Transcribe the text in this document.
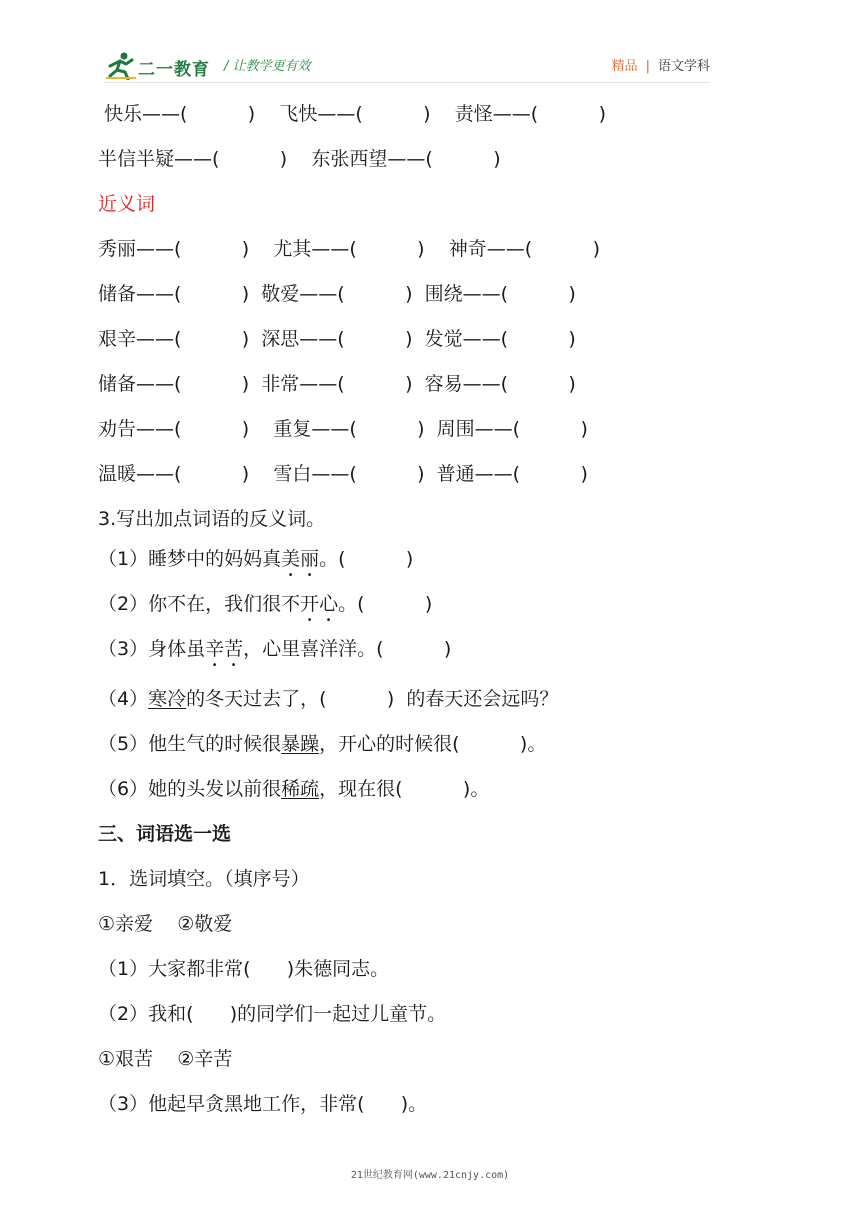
二一教育 / 让教学更有效	精品 | 语文学科
快乐——(          )    飞快——(          )    责怪——(          )
半信半疑——(          )    东张西望——(          )
近义词
秀丽——(          )    尤其——(          )    神奇——(          )
储备——(          )  敬爱——(          )  围绕——(          )
艰辛——(          )  深思——(          )  发觉——(          )
储备——(          )  非常——(          )  容易——(          )
劝告——(          )    重复——(          )  周围——(          )
温暖——(          )    雪白——(          )  普通——(          )
3.写出加点词语的反义词。
（1）睡梦中的妈妈真美丽。(          )
（2）你不在，我们很不开心。(          )
（3）身体虽辛苦，心里喜洋洋。(          )
（4）寒冷的冬天过去了，(          )  的春天还会远吗？
（5）他生气的时候很暴躁，开心的时候很(          )。
（6）她的头发以前很稀疏，现在很(          )。
三、词语选一选
1．选词填空。（填序号）
①亲爱    ②敬爱
（1）大家都非常(      )朱德同志。
（2）我和(      )的同学们一起过儿童节。
①艰苦    ②辛苦
（3）他起早贪黑地工作，非常(      )。
21世纪教育网(www.21cnjy.com)
